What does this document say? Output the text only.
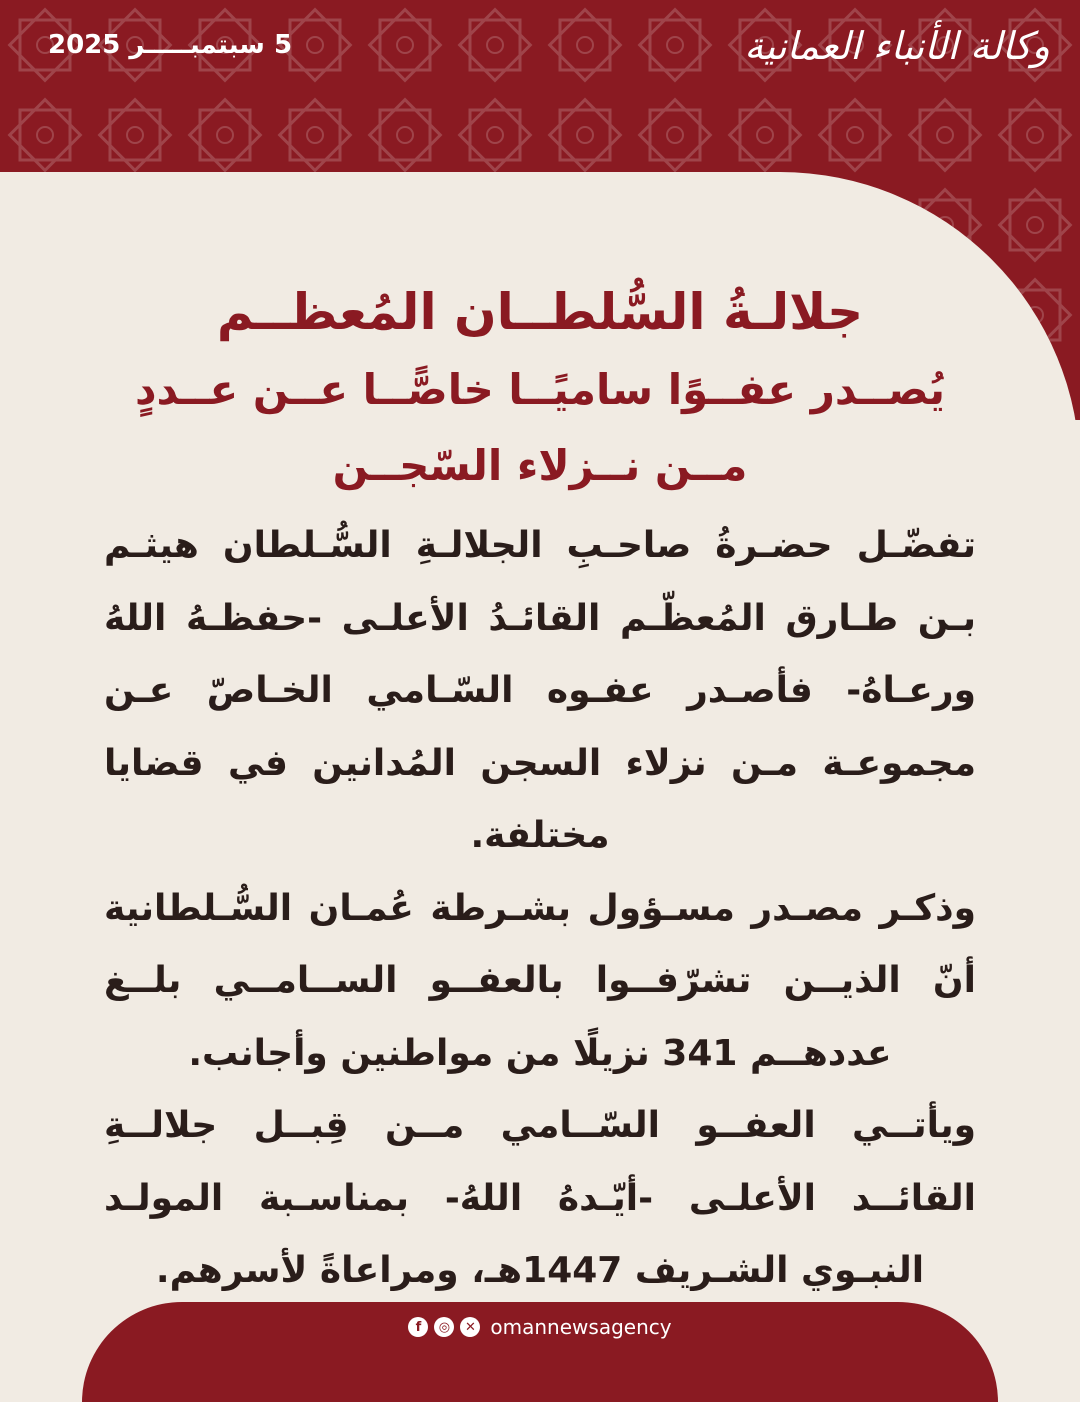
5 سبتمبـــــر 2025	وكالة الأنباء العمانية
جلالـةُ السُّلطــان المُعظــم
يُصــدر عفــوًا ساميًــا خاصًّــا عــن عــددٍ
مــن نــزلاء السّجــن

تفضّـل حضـرةُ صاحـبِ الجلالـةِ السُّـلطان هيثـم بـن طـارق المُعظّـم القائـدُ الأعلـى -حفظـهُ اللهُ ورعـاهُ- فأصـدر عفـوه السّـامي الخـاصّ عـن مجموعـة مـن نزلاء السجن المُدانين في قضايا مختلفة.

وذكـر مصـدر مسـؤول بشـرطة عُمـان السُّـلطانية أنّ الذيــن تشرّفــوا بالعفــو الســامــي بلــغ عددهــم 341 نزيلًا من مواطنين وأجانب.

ويأتــي العفــو السّــامي مــن قِبــل جلالــةِ القائــد الأعلـى -أيّـدهُ اللهُ- بمناسـبة المولـد النبـوي الشـريف 1447هـ، ومراعاةً لأسرهم.

f	◎	✕ omannewsagency
